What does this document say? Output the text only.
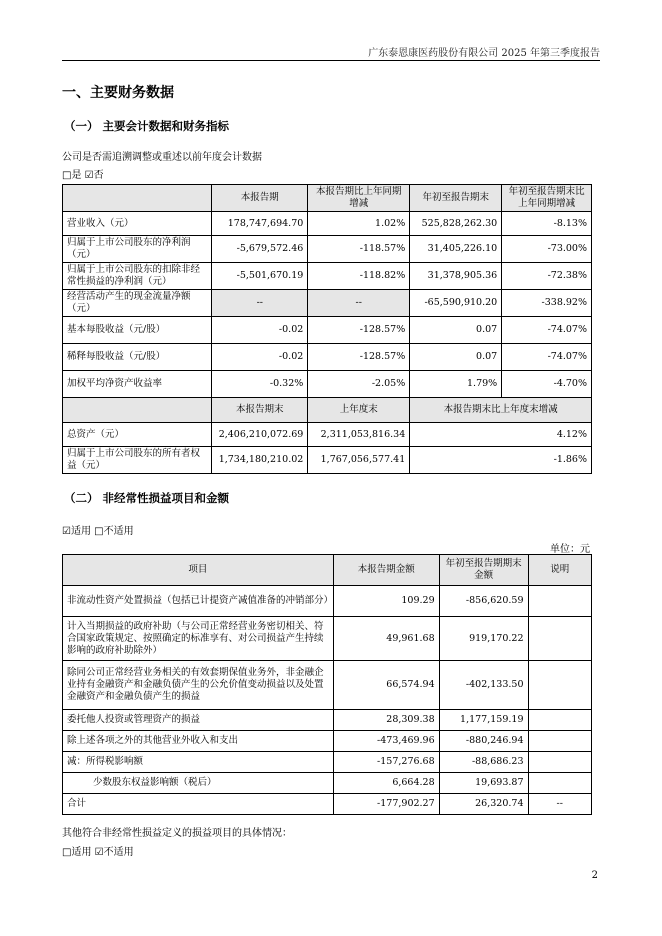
广东泰恩康医药股份有限公司 2025 年第三季度报告
一、主要财务数据
（一） 主要会计数据和财务指标
公司是否需追溯调整或重述以前年度会计数据
□是 ☑否
	本报告期	本报告期比上年同期增减	年初至报告期末	年初至报告期末比上年同期增减
营业收入（元）	178,747,694.70	1.02%	525,828,262.30	-8.13%
归属于上市公司股东的净利润（元）	-5,679,572.46	-118.57%	31,405,226.10	-73.00%
归属于上市公司股东的扣除非经常性损益的净利润（元）	-5,501,670.19	-118.82%	31,378,905.36	-72.38%
经营活动产生的现金流量净额（元）	--	--	-65,590,910.20	-338.92%
基本每股收益（元/股）	-0.02	-128.57%	0.07	-74.07%
稀释每股收益（元/股）	-0.02	-128.57%	0.07	-74.07%
加权平均净资产收益率	-0.32%	-2.05%	1.79%	-4.70%
	本报告期末	上年度末	本报告期末比上年度末增减	
总资产（元）	2,406,210,072.69	2,311,053,816.34	4.12%	
归属于上市公司股东的所有者权益（元）	1,734,180,210.02	1,767,056,577.41	-1.86%	
（二） 非经常性损益项目和金额
☑适用 □不适用
单位：元
项目	本报告期金额	年初至报告期期末金额	说明
非流动性资产处置损益（包括已计提资产减值准备的冲销部分）	109.29	-856,620.59	
计入当期损益的政府补助（与公司正常经营业务密切相关、符合国家政策规定、按照确定的标准享有、对公司损益产生持续影响的政府补助除外）	49,961.68	919,170.22	
除同公司正常经营业务相关的有效套期保值业务外，非金融企业持有金融资产和金融负债产生的公允价值变动损益以及处置金融资产和金融负债产生的损益	66,574.94	-402,133.50	
委托他人投资或管理资产的损益	28,309.38	1,177,159.19	
除上述各项之外的其他营业外收入和支出	-473,469.96	-880,246.94	
减：所得税影响额	-157,276.68	-88,686.23	
少数股东权益影响额（税后）	6,664.28	19,693.87	
合计	-177,902.27	26,320.74	--
其他符合非经常性损益定义的损益项目的具体情况：
□适用 ☑不适用
2
